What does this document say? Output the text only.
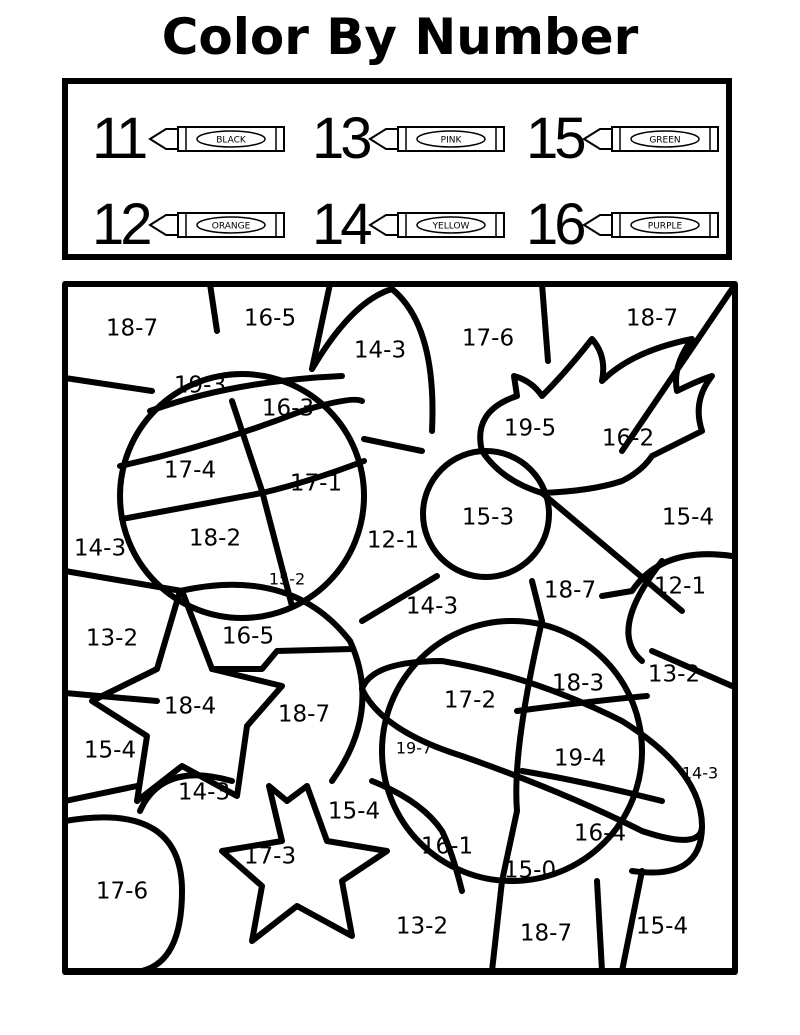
Color By Number
11	BLACK 13	PINK 15	GREEN
12	ORANGE 14	YELLOW 16	PURPLE
18-7	16-5
14-3 17-6
18-7
19-3
16-3
19-5 16-2
17-4	17-1
15-3	15-4
14-3	18-2	12-1
15-2
14-3
18-7	12-1
13-2	16-5
17-2
18-3 13-2
18-4	18-7
19-7	19-4
14-3
15-4
14-3
15-4
16-4
17-3	16-1
15-0
17-6
13-2	18-7	15-4
